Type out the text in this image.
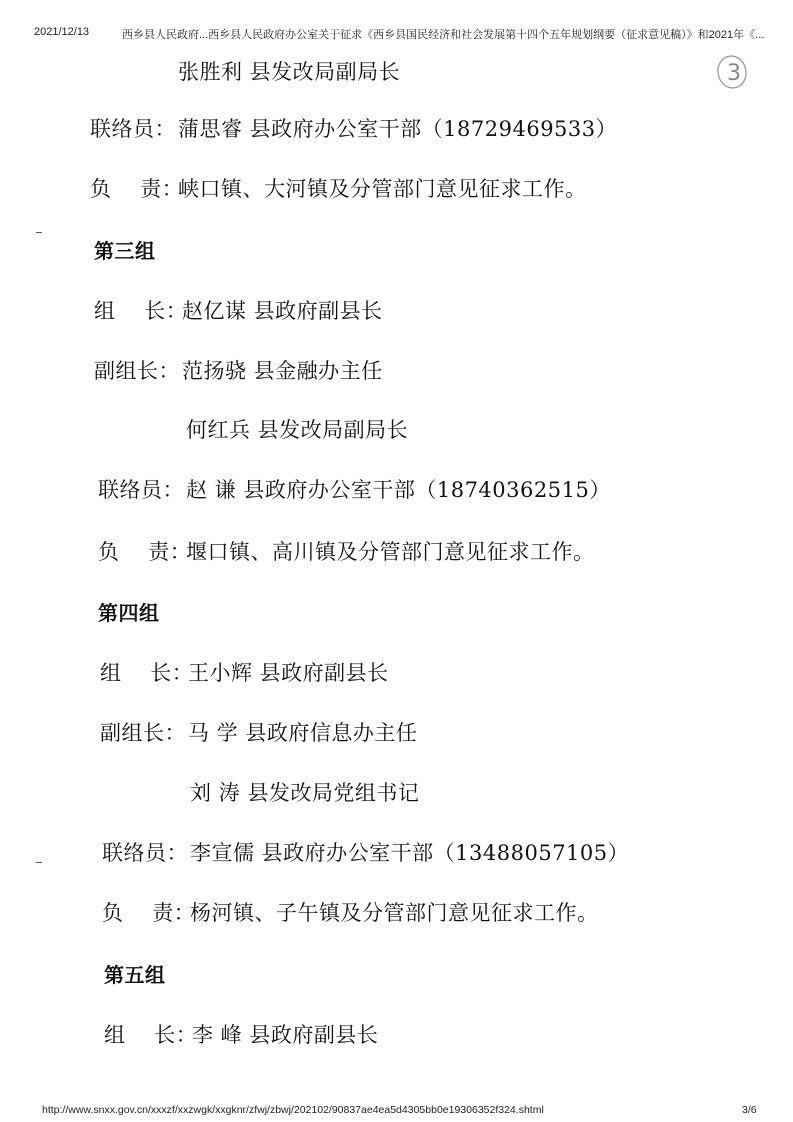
2021/12/13	西乡县人民政府...西乡县人民政府办公室关于征求《西乡县国民经济和社会发展第十四个五年规划纲要（征求意见稿）》和2021年《...
3
张胜利 县发改局副局长
联络员：蒲思睿 县政府办公室干部（18729469533）
负    责：峡口镇、大河镇及分管部门意见征求工作。
第三组
组    长：赵亿谋 县政府副县长
副组长：范扬骁 县金融办主任
何红兵 县发改局副局长
联络员：赵 谦 县政府办公室干部（18740362515）
负    责：堰口镇、高川镇及分管部门意见征求工作。
第四组
组    长：王小辉 县政府副县长
副组长：马 学 县政府信息办主任
刘 涛 县发改局党组书记
联络员：李宣儒 县政府办公室干部（13488057105）
负    责：杨河镇、子午镇及分管部门意见征求工作。
第五组
组    长：李 峰 县政府副县长
http://www.snxx.gov.cn/xxxzf/xxzwgk/xxgknr/zfwj/zbwj/202102/90837ae4ea5d4305bb0e19306352f324.shtml	3/6
